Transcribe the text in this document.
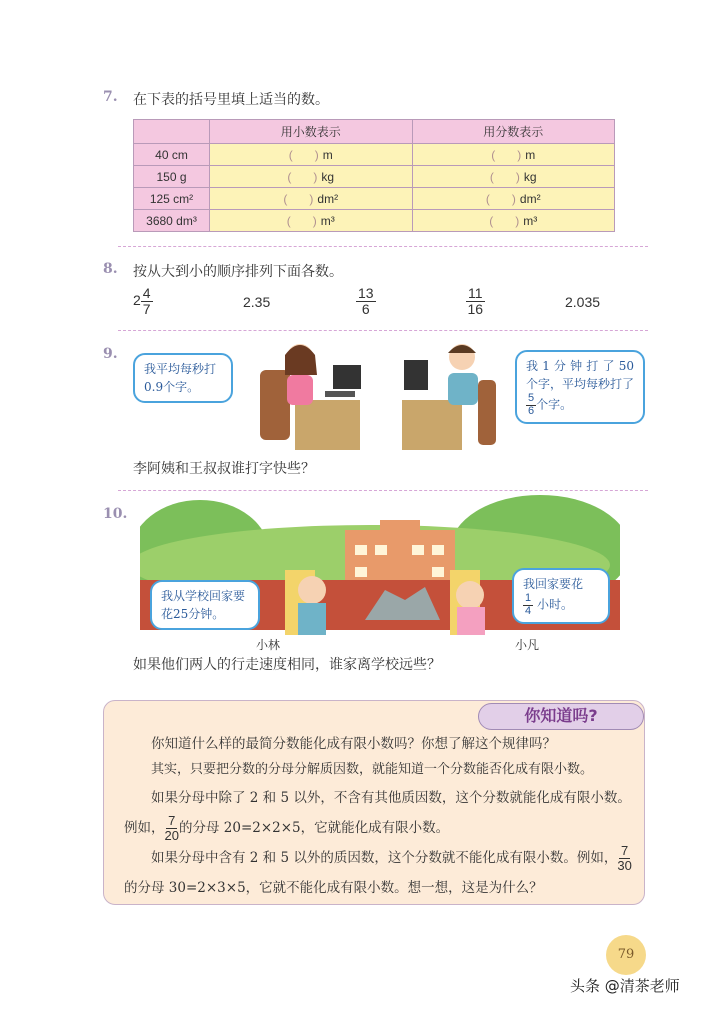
7. 在下表的括号里填上适当的数。
	用小数表示	用分数表示
40 cm	( ) m	( ) m
150 g	( ) kg	( ) kg
125 cm²	( ) dm²	( ) dm²
3680 dm³	( ) m³	( ) m³
8. 按从大到小的顺序排列下面各数。
$2 \frac{4}{7}$	2.35	$\frac{13}{6}$	$\frac{11}{16}$	2.035
9.
我平均每秒打0.9个字。
我 1 分 钟 打 了 50个字，平均每秒打了
$\frac{5}{6}$ 个字。
李阿姨和王叔叔谁打字快些？
10.
我从学校回家要花25分钟。
我回家要花

$\frac{1}{4}$ 小时。
小林	小凡
如果他们两人的行走速度相同，谁家离学校远些？

你知道什么样的最简分数能化成有限小数吗？你想了解这个规律吗？

其实，只要把分数的分母分解质因数，就能知道一个分数能否化成有限小数。

如果分母中除了 2 和 5 以外，不含有其他质因数，这个分数就能化成有限小数。例如， $\frac{7}{20}$ 的分母 20=2×2×5，它就能化成有限小数。

如果分母中含有 2 和 5 以外的质因数，这个分数就不能化成有限小数。例如， $\frac{7}{30}$
的分母 30=2×3×5，它就不能化成有限小数。想一想，这是为什么？

你知道吗?
79
头条 @清茶老师
